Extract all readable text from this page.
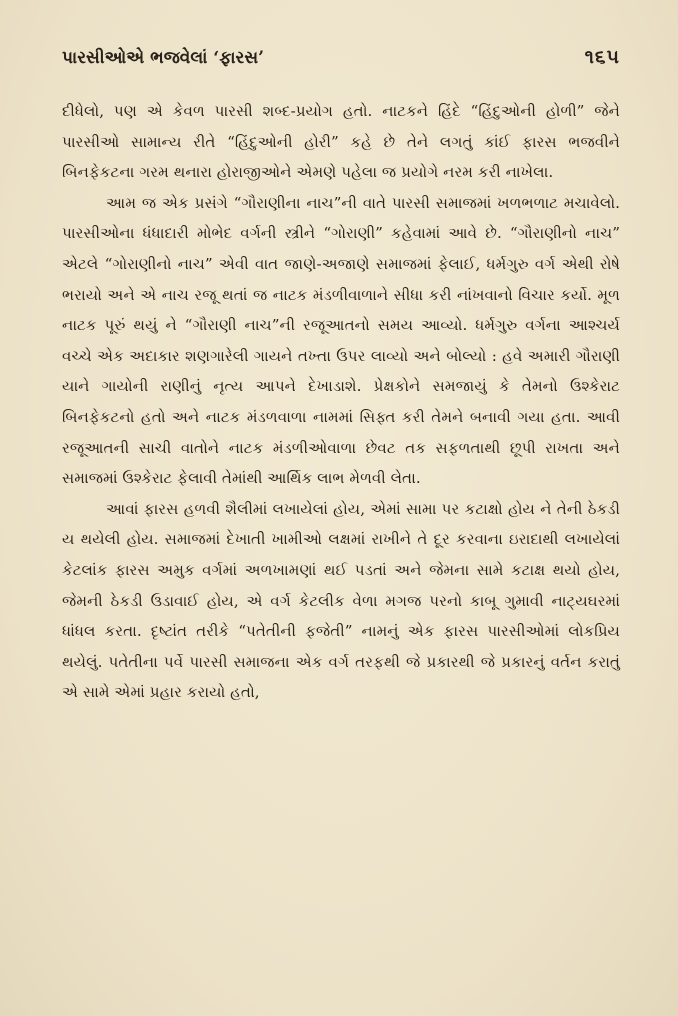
પારસીઓએ ભજવેલાં ‘ફારસ’	૧૬૫

દીધેલો, પણ એ કેવળ પારસી શબ્દ-પ્રયોગ હતો. નાટકને હિંદે “હિંદુઓની હોળી” જેને પારસીઓ સામાન્ય રીતે “હિંદુઓની હોરી” કહે છે તેને લગતું કાંઈ ફારસ ભજવીને બિનફેકટના ગરમ થનારા હોરાજીઓને એમણે પહેલા જ પ્રયોગે નરમ કરી નાખેલા.

આમ જ એક પ્રસંગે “ગૌરાણીના નાચ”ની વાતે પારસી સમાજમાં ખળભળાટ મચાવેલો. પારસીઓના ધંધાદારી મોભેદ વર્ગની સ્ત્રીને “ગોરાણી” કહેવામાં આવે છે. “ગૌરાણીનો નાચ” એટલે “ગોરાણીનો નાચ” એવી વાત જાણે-અજાણે સમાજમાં ફેલાઈ, ધર્મગુરુ વર્ગ એથી રોષે ભરાયો અને એ નાચ રજૂ થતાં જ નાટક મંડળીવાળાને સીધા કરી નાંખવાનો વિચાર કર્યો. મૂળ નાટક પૂરું થયું ને “ગૌરાણી નાચ”ની રજૂઆતનો સમય આવ્યો. ધર્મગુરુ વર્ગના આશ્ચર્ય વચ્ચે એક અદાકાર શણગારેલી ગાયને તખ્તા ઉપર લાવ્યો અને બોલ્યો : હવે અમારી ગૌરાણી યાને ગાયોની રાણીનું નૃત્ય આપને દેખાડાશે. પ્રેક્ષકોને સમજાયું કે તેમનો ઉશ્કેરાટ બિનફેકટનો હતો અને નાટક મંડળવાળા નામમાં સિફ્ત કરી તેમને બનાવી ગયા હતા. આવી રજૂઆતની સાચી વાતોને નાટક મંડળીઓવાળા છેવટ તક સફળતાથી છૂપી રાખતા અને સમાજમાં ઉશ્કેરાટ ફેલાવી તેમાંથી આર્થિક લાભ મેળવી લેતા.

આવાં ફારસ હળવી શૈલીમાં લખાયેલાં હોય, એમાં સામા પર કટાક્ષો હોય ને તેની ઠેકડી ય થયેલી હોય. સમાજમાં દેખાતી ખામીઓ લક્ષમાં રાખીને તે દૂર કરવાના ઇરાદાથી લખાયેલાં કેટલાંક ફારસ અમુક વર્ગમાં અળખામણાં થઈ પડતાં અને જેમના સામે કટાક્ષ થયો હોય, જેમની ઠેકડી ઉડાવાઈ હોય, એ વર્ગ કેટલીક વેળા મગજ પરનો કાબૂ ગુમાવી નાટ્યઘરમાં ધાંધલ કરતા. દૃષ્ટાંત તરીકે “પતેતીની ફજેતી” નામનું એક ફારસ પારસીઓમાં લોકપ્રિય થયેલું. પતેતીના પર્વે પારસી સમાજના એક વર્ગ તરફથી જે પ્રકારથી જે પ્રકારનું વર્તન કરાતું એ સામે એમાં પ્રહાર કરાયો હતો,
